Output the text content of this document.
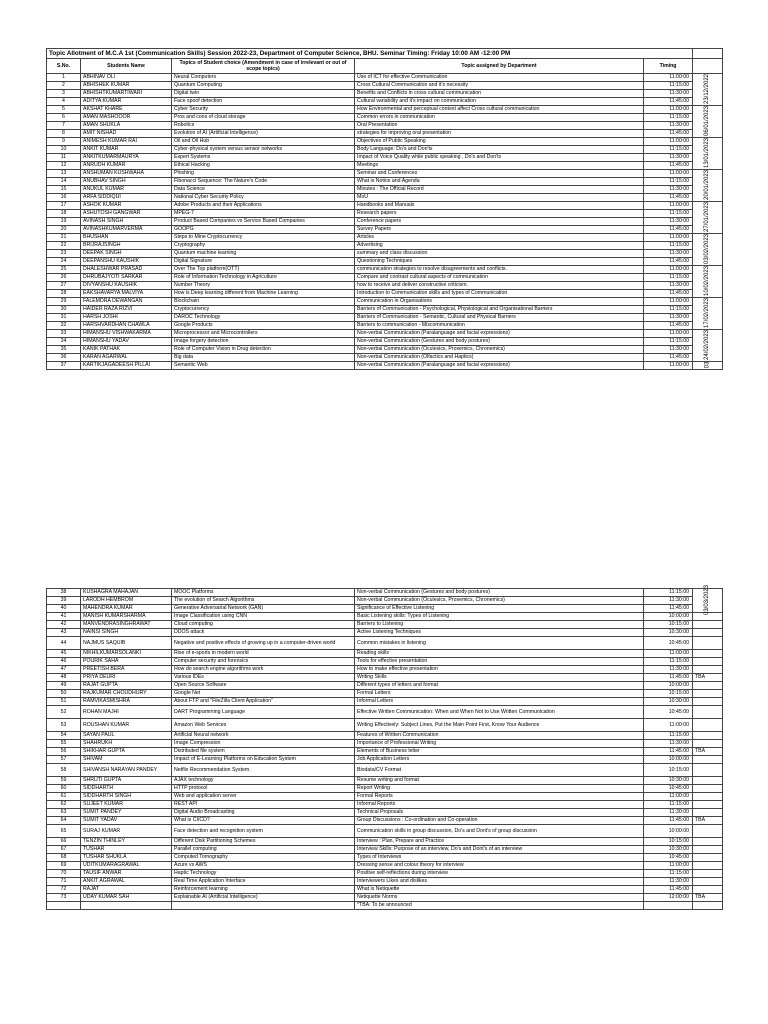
Topic Allotment of M.C.A 1st (Communication Skills) Session 2022-23, Department of Computer Science, BHU. Seminar Timing: Friday 10:00 AM -12:00 PM					
S.No.	Students Name	Topics of Student choice (Amendment in case of irrelevant or out of scope topics)	Topic assigned by Department	Timing	
1	ABHINAV OLI	Neural Computers	Use of ICT for effective Communication	11:00:00	
2	ABHISHEK KUMAR	Quantum Computing	Cross Cultural Communication and it's necessity	11:15:00	
3	ABHISHTKUMARTIWARI	Digital twin	Benefits and Conflicts in cross cultural communication	11:30:00	
4	ADITYA KUMAR	Face spoof detection	Cultural variability and it's impact on communication	11:45:00	
5	AKSHAT KHARE	Cyber Security	How Environmental and perceptual context affect Cross cultural communication	11:00:00	
6	AMAN MASHOOOR	Pros and cons of cloud storage	Common errors in communication	11:15:00	
7	AMAN SHUKLA	Robotics	Oral Presentation	11:30:00	
8	AMIT NISHAD	Evolution of AI (Artificial Intelligence)	strategies for improving oral presentation	11:45:00	
9	ANIMESH KUMAR RAI	Oil and Oil Hub	Objectives of Public Speaking	11:00:00	
10	ANKIT KUMAR	Cyber-physical system versus sensor networks	Body Language: Do's and Don'ts	11:15:00	
11	ANKITKUMARMAURYA	Expert Systems	Impact of Voice Quality while public speaking , Do's and Don'ts	11:30:00	
12	ANRUDH KUMAR	Ethical Hacking	Meetings	11:45:00	
13	ANSHUMAN KUSHWAHA	Phishing	Seminar and Conferences	11:00:00	
14	ANUBHAV SINGH	Fibonacci Sequence: The Nature's Code	What is Notice and Agenda	11:15:00	
15	ANUKUL KUMAR	Data Science	Minutes : The Official Record	11:30:00	
16	ARFA SIDDIQUI	National Cyber Security Policy	MoU	11:45:00	
17	ASHOK KUMAR	Adobe Products and their Applications	Handbooks and Manuals	11:00:00	
18	ASHUTOSH GANGWAR	MPEG-7	Research papers	11:15:00	
19	AVINASH SINGH	Product Based Companies vs Service Based Companies	Conference papers	11:30:00	
20	AVINASHKUMARVERMA	GOOPG	Survey Papers	11:45:00	
21	BHUSHAN	Steps to Mine Cryptocurrency	Articles	11:00:00	
22	BRIJRAJSINGH	Cryptography	Advertising	11:15:00	
23	DEEPAK SINGH	Quantum machine learning	summary and class discussion	11:30:00	
24	DEEPANSHU KAUSHIK	Digital Signature	Questioning Techniques	11:45:00	
25	DHALESHWAR PRASAD	Over The Top platform(OTT)	communication strategies to resolve disagreements and conflicts.	11:00:00	
26	DHRUBAJYOTI SARKAR	Role of Information Technology in Agriculture	Compare and contrast cultural aspects of communication	11:15:00	
27	DIVYANSHU KAUSHIK	Number Theory	how to receive and deliver constructive criticism.	11:30:00	
28	EAKSHAVARYA MALVIYA	How is Deep learning different from Machine Learning	Introduction to Communication skills and types of Communication	11:45:00	
29	FALEMDRA DEWANGAN	Blockchain	Communication in Organisations	11:00:00	
30	HAIDER RAZA RIZVI	Cryptocurrency	Barriers of Communication - Psychological, Physiological and Organisational Barriers	11:15:00	
31	HARSH JOSHI	DAROC Technology	Barriers of Communication - Semantic, Cultural and Physical Barriers	11:30:00	
32	HARSHVARDHAN CHAWLA	Google Products	Barriers to communication - Miscommunication	11:45:00	
33	HIMANSHU VISHWAKARMA	Microprocessor and Microcontrollers	Non-verbal Communication (Paralanguage and facial expressions)	11:00:00	
34	HIMANSHU YADAV	Image forgery detection	Non-verbal Communication (Gestures and body postures)	11:15:00	
35	KANIK PATHAK	Role of Computer Vision in Drug detection	Non-verbal Communication (Oculesics, Proxemics, Chronemics)	11:30:00	
36	KARAN AGARWAL	Big data	Non-verbal Communication (Olfactics and Haptics)	11:45:00	
37	KARTIKJAGADEESH PILLAI	Semantic Web	Non-verbal Communication (Paralanguage and facial expressions)	11:00:00	
38	KUSHAGRA MAHAJAN	MOOC Platforms	Non-verbal Communication (Gestures and body postures)	11:15:00	
39	LARODH HEMBROM	The evolution of Search Algorithms	Non-verbal Communication (Oculesics, Proxemics, Chronemics)	11:30:00	
40	MAHENDRA KUMAR	Generative Adversarial Network (GAN)	Significance of Effective Listening	11:45:00	
41	MANISH KUMARSHARMA	Image Classification using CNN	Basic Listening skills: Types of Listening	10:00:00	
42	MANVENDRASINGHRAWAT	Cloud computing	Barriers to Listening	10:15:00	
43	NAINSI SINGH	DDOS attack	Active Listening Techniques	10:30:00	
44	NAJMUS SAQUIB	Negative and positive effects of growing up in a computer-driven world	Common mistakes in listening	10:45:00	
45	NIKHILKUMARSOLANKI	Rise of e-sports in modern world	Reading skills	11:00:00	
46	POURIK SAHA	Computer security and forensics	Tools for effective presentation	11:15:00	
47	PREETISH BERA	How do search engine algorithms work	How to make effective presentation	11:30:00	
48	PRIYA DEURI	Various IDEs	Writing Skills	11:45:00	TBA
49	RAJAT GUPTA	Open Source Software	Different types of letters and format	10:00:00	
50	RAJKUMAR CHOUDHURY	Google Net	Formal Letters	10:15:00	
51	RAMVIKASMISHRA	About FTP and "FileZilla Client Application"	Informal Letters	10:30:00	
52	ROHAN MAJHI	DART Programming Language	Effective Written Communication: When and When Not to Use Written Communication	10:45:00	
53	ROUSHAN KUMAR	Amazon Web Services	Writing Effectively: Subject Lines, Put the Main Point First, Know Your Audience	11:00:00	
54	SAYAN PAUL	Artificial Neural network	Features of Written Communication	11:15:00	
55	SHAHRUKH	Image Compression	Importance of Professional Writing	11:30:00	
56	SHIKHAR GUPTA	Distributed file system	Elements of Business letter	11:45:00	TBA
57	SHIVAM	Impact of E-Learning Platforms on Education System	Job Application Letters	10:00:00	
58	SHIVANSH NARAYAN PANDEY	Netflix Recommendation System.	Biodata/CV Format	10:15:00	
59	SHRUTI GUPTA	AJAX technology	Resume writing and format	10:30:00	
60	SIDDHARTH	HTTP protocol	Report Writing	10:45:00	
61	SIDDHARTH SINGH	Web and application server	Formal Reports	11:00:00	
62	SUJEET KUMAR	REST API	Informal Reports	11:15:00	
63	SUMIT PANDEY	Digital Audio Broadcasting	Technical Proposals	11:30:00	
64	SUMIT YADAV	What is CI/CD?	Group Discussions : Co-ordination and Co-operation	11:45:00	TBA
65	SURAJ KUMAR	Face detection and recognition system	Communication skills in group discussion, Do's and Dont's of group discussion	10:00:00	
66	TENZIN THINLEY	Different Disk Partitioning Schemes	Interview : Plan, Prepare and Practice	10:15:00	
67	TUSHAR	Parallel computing	Interview Skills: Purpose of an interview, Do's and Dont's of an interview	10:30:00	
68	TUSHAR SHUKLA	Computed Tomography	Types of Interviews	10:45:00	
69	UDITKUMARAGRAWAL	Azure vs AWS	Dressing sense and colour theory for interview	11:00:00	
70	TAUSIF ANWAR	Haptic Technology	Positive self-reflections during interview	11:15:00	
71	ANKIT AGRAWAL	Real Time Application Interface	Interviewers Likes and dislikes	11:30:00	
72	RAJAT	Reinforcement learning	What is Netiquette	11:45:00	
73	UDAY KUMAR SAH	Explainable AI (Artificial Intelligence)	Netiquette Norms	12:00:00	TBA
			*TBA: To be announced		
23/12/2022
06/01/2023
13/01/2023
20/01/2023
27/01/2023
03/02/2023
10/02/2023
17/02/2023
24/02/2023
03
03/03/2023
